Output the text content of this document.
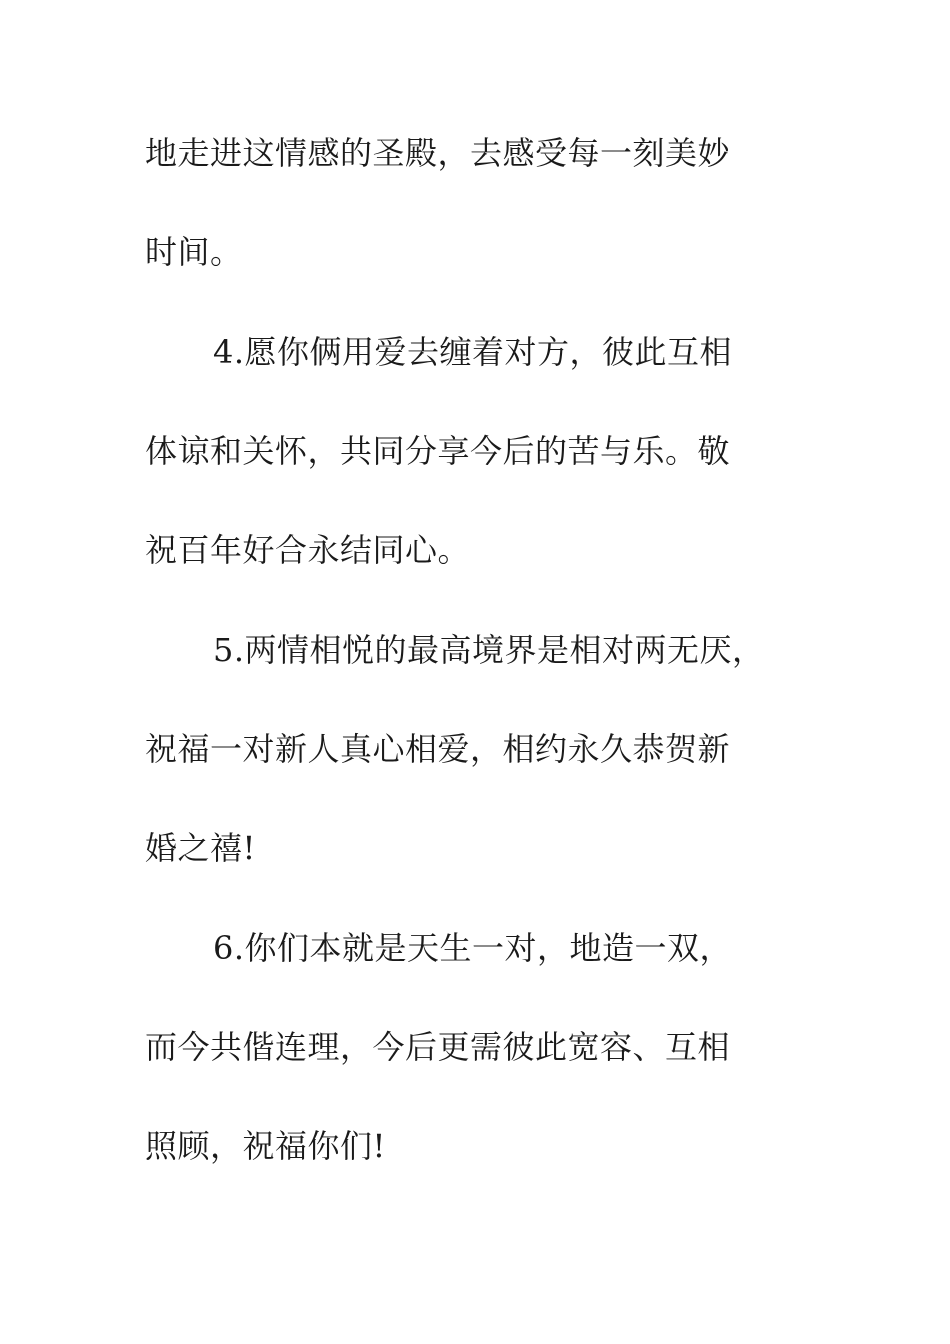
地走进这情感的圣殿，去感受每一刻美妙

时间。

4.愿你俩用爱去缠着对方，彼此互相

体谅和关怀，共同分享今后的苦与乐。敬

祝百年好合永结同心。

5.两情相悦的最高境界是相对两无厌，

祝福一对新人真心相爱，相约永久恭贺新

婚之禧!

6.你们本就是天生一对，地造一双，

而今共偕连理，今后更需彼此宽容、互相

照顾，祝福你们!
